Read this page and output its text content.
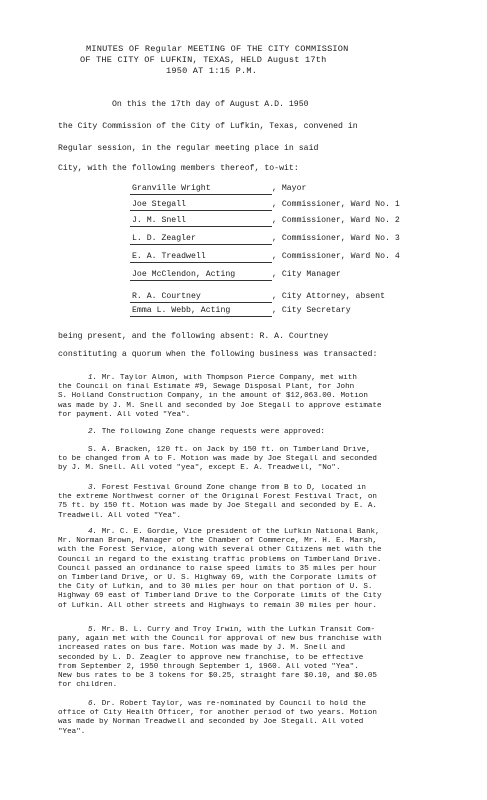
MINUTES OF Regular MEETING OF THE CITY COMMISSION
OF THE CITY OF LUFKIN, TEXAS, HELD August 17th
1950 AT 1:15 P.M.
On this the 17th day of August A.D. 1950
the City Commission of the City of Lufkin, Texas, convened in
Regular session, in the regular meeting place in said
City, with the following members thereof, to-wit:
Granville Wright	, Mayor
Joe Stegall	, Commissioner, Ward No. 1
J. M. Snell	, Commissioner, Ward No. 2
L. D. Zeagler	, Commissioner, Ward No. 3
E. A. Treadwell	, Commissioner, Ward No. 4
Joe McClendon, Acting	, City Manager
R. A. Courtney	, City Attorney, absent
Emma L. Webb, Acting	, City Secretary
being present, and the following absent: R. A. Courtney
constituting a quorum when the following business was transacted:
1. Mr. Taylor Almon, with Thompson Pierce Company, met with
the Council on final Estimate #9, Sewage Disposal Plant, for John
S. Holland Construction Company, in the amount of $12,063.00. Motion
was made by J. M. Snell and seconded by Joe Stegall to approve estimate
for payment. All voted "Yea".
2. The following Zone change requests were approved:
S. A. Bracken, 120 ft. on Jack by 150 ft. on Timberland Drive,
to be changed from A to F. Motion was made by Joe Stegall and seconded
by J. M. Snell. All voted "yea", except E. A. Treadwell, "No".
3. Forest Festival Ground Zone change from B to D, located in
the extreme Northwest corner of the Original Forest Festival Tract, on
75 ft. by 150 ft. Motion was made by Joe Stegall and seconded by E. A.
Treadwell. All voted "Yea".
4. Mr. C. E. Gordie, Vice president of the Lufkin National Bank,
Mr. Norman Brown, Manager of the Chamber of Commerce, Mr. H. E. Marsh,
with the Forest Service, along with several other Citizens met with the
Council in regard to the existing traffic problems on Timberland Drive.
Council passed an ordinance to raise speed limits to 35 miles per hour
on Timberland Drive, or U. S. Highway 69, with the Corporate limits of
the City of Lufkin, and to 30 miles per hour on that portion of U. S.
Highway 69 east of Timberland Drive to the Corporate limits of the City
of Lufkin. All other streets and Highways to remain 30 miles per hour.
5. Mr. B. L. Curry and Troy Irwin, with the Lufkin Transit Com-
pany, again met with the Council for approval of new bus franchise with
increased rates on bus fare. Motion was made by J. M. Snell and
seconded by L. D. Zeagler to approve new franchise, to be effective
from September 2, 1950 through September 1, 1960. All voted "Yea".
New bus rates to be 3 tokens for $0.25, straight fare $0.10, and $0.05
for children.
6. Dr. Robert Taylor, was re-nominated by Council to hold the
office of City Health Officer, for another period of two years. Motion
was made by Norman Treadwell and seconded by Joe Stegall. All voted
"Yea".
